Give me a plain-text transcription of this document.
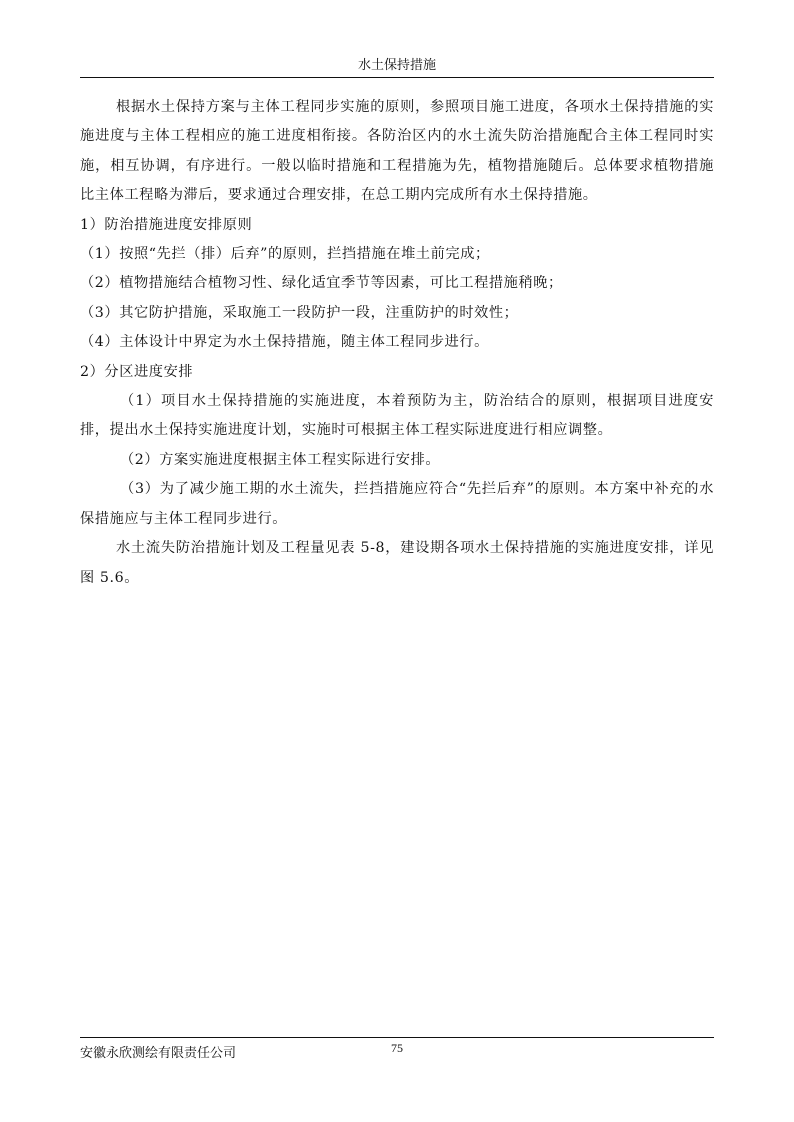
水土保持措施

根据水土保持方案与主体工程同步实施的原则，参照项目施工进度，各项水土保持措施的实施进度与主体工程相应的施工进度相衔接。各防治区内的水土流失防治措施配合主体工程同时实施，相互协调，有序进行。一般以临时措施和工程措施为先，植物措施随后。总体要求植物措施比主体工程略为滞后，要求通过合理安排，在总工期内完成所有水土保持措施。

1）防治措施进度安排原则

（1）按照“先拦（排）后弃”的原则，拦挡措施在堆土前完成；

（2）植物措施结合植物习性、绿化适宜季节等因素，可比工程措施稍晚；

（3）其它防护措施，采取施工一段防护一段，注重防护的时效性；

（4）主体设计中界定为水土保持措施，随主体工程同步进行。

2）分区进度安排

（1）项目水土保持措施的实施进度，本着预防为主，防治结合的原则，根据项目进度安排，提出水土保持实施进度计划，实施时可根据主体工程实际进度进行相应调整。

（2）方案实施进度根据主体工程实际进行安排。

（3）为了减少施工期的水土流失，拦挡措施应符合“先拦后弃”的原则。本方案中补充的水保措施应与主体工程同步进行。

水土流失防治措施计划及工程量见表 5-8，建设期各项水土保持措施的实施进度安排，详见图 5.6。

安徽永欣测绘有限责任公司	75
